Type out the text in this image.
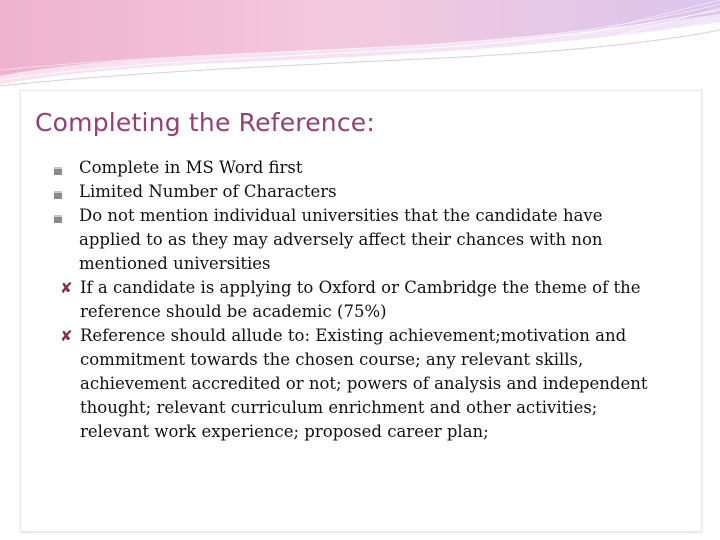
Completing the Reference:
Complete in MS Word first
Limited Number of Characters
Do not mention individual universities that the candidate have
applied to as they may adversely affect their chances with non
mentioned universities
✘ If a candidate is applying to Oxford or Cambridge the theme of the
reference should be academic (75%)
✘ Reference should allude to: Existing achievement;motivation and
commitment towards the chosen course; any relevant skills,
achievement accredited or not; powers of analysis and independent
thought; relevant curriculum enrichment and other activities;
relevant work experience; proposed career plan;
